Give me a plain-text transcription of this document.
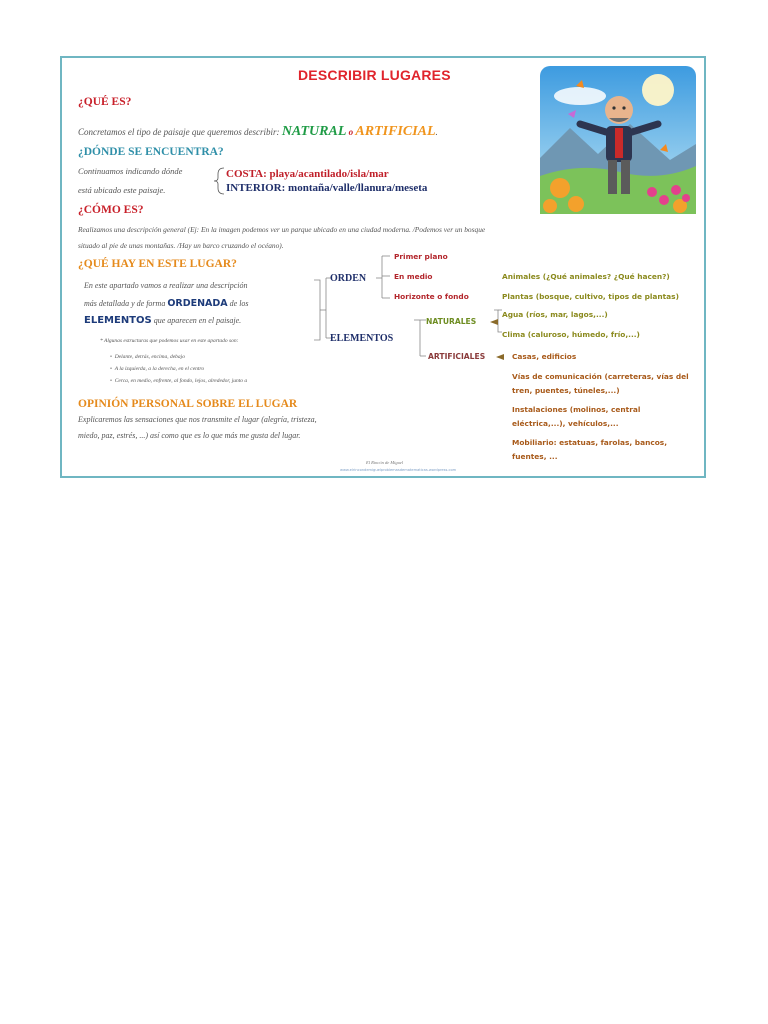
DESCRIBIR LUGARES
¿QUÉ ES?
Concretamos el tipo de paisaje que queremos describir: NATURAL o ARTIFICIAL.
¿DÓNDE SE ENCUENTRA?
Continuamos indicando dónde
está ubicado este paisaje.
COSTA: playa/acantilado/isla/mar
INTERIOR: montaña/valle/llanura/meseta
¿CÓMO ES?
Realizamos una descripción general (Ej: En la imagen podemos ver un parque ubicado en una ciudad moderna. /Podemos ver un bosque
situado al pie de unas montañas. /Hay un barco cruzando el océano).
¿QUÉ HAY EN ESTE LUGAR?
En este apartado vamos a realizar una descripción
más detallada y de forma ORDENADA de los
ELEMENTOS que aparecen en el paisaje.
* Algunas estructuras que podemos usar en este apartado son:
•  Delante, detrás, encima, debajo
•  A la izquierda, a la derecha, en el centro
•  Cerca, en medio, enfrente, al fondo, lejos, alrededor, junto a
ORDEN
Primer plano
En medio
Horizonte o fondo
ELEMENTOS
NATURALES
ARTIFICIALES
Animales (¿Qué animales? ¿Qué hacen?)
Plantas (bosque, cultivo, tipos de plantas)
Agua (ríos, mar, lagos,...)
Clima (caluroso, húmedo, frío,...)
Casas, edificios
Vías de comunicación (carreteras, vías del tren, puentes, túneles,...)
Instalaciones (molinos, central eléctrica,...), vehículos,...
Mobiliario: estatuas, farolas, bancos, fuentes, ...
OPINIÓN PERSONAL SOBRE EL LUGAR
Explicaremos las sensaciones que nos transmite el lugar (alegría, tristeza,
miedo, paz, estrés, ...) así como que es lo que más me gusta del lugar.
El Rincón de Miguel
www.elrincondemiguelproblemasdematematicas.wordpress.com
